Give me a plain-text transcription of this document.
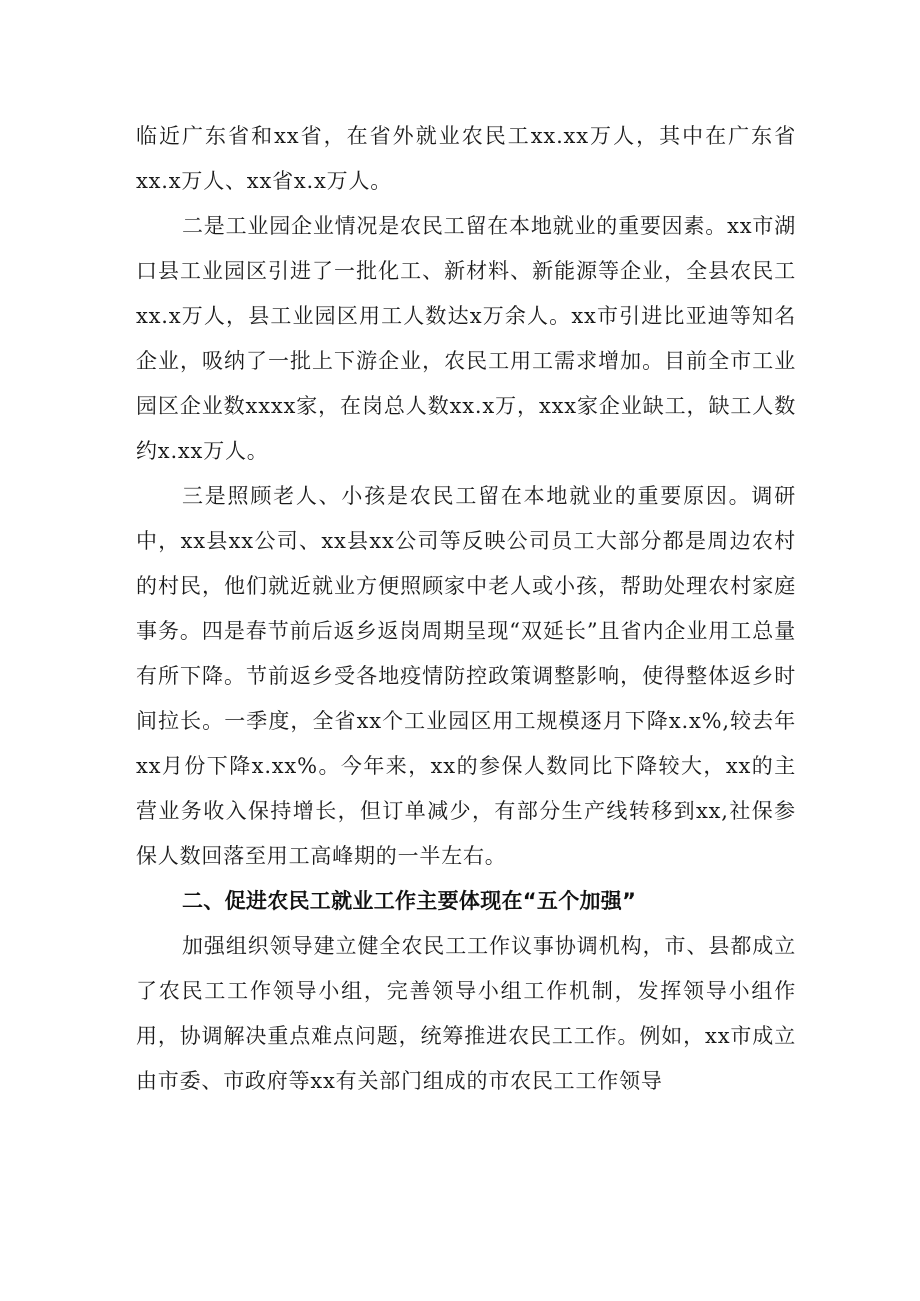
临近广东省和xx省，在省外就业农民工xx.xx万人，其中在广东省xx.x万人、xx省x.x万人。

二是工业园企业情况是农民工留在本地就业的重要因素。xx市湖口县工业园区引进了一批化工、新材料、新能源等企业，全县农民工xx.x万人，县工业园区用工人数达x万余人。xx市引进比亚迪等知名企业，吸纳了一批上下游企业，农民工用工需求增加。目前全市工业园区企业数xxxx家，在岗总人数xx.x万，xxx家企业缺工，缺工人数约x.xx万人。

三是照顾老人、小孩是农民工留在本地就业的重要原因。调研中，xx县xx公司、xx县xx公司等反映公司员工大部分都是周边农村的村民，他们就近就业方便照顾家中老人或小孩，帮助处理农村家庭事务。四是春节前后返乡返岗周期呈现“双延长”且省内企业用工总量有所下降。节前返乡受各地疫情防控政策调整影响，使得整体返乡时间拉长。一季度，全省xx个工业园区用工规模逐月下降x.x%,较去年xx月份下降x.xx%。今年来，xx的参保人数同比下降较大，xx的主营业务收入保持增长，但订单减少，有部分生产线转移到xx,社保参保人数回落至用工高峰期的一半左右。

二、促进农民工就业工作主要体现在“五个加强”

加强组织领导建立健全农民工工作议事协调机构，市、县都成立了农民工工作领导小组，完善领导小组工作机制，发挥领导小组作用，协调解决重点难点问题，统筹推进农民工工作。例如，xx市成立由市委、市政府等xx有关部门组成的市农民工工作领导
